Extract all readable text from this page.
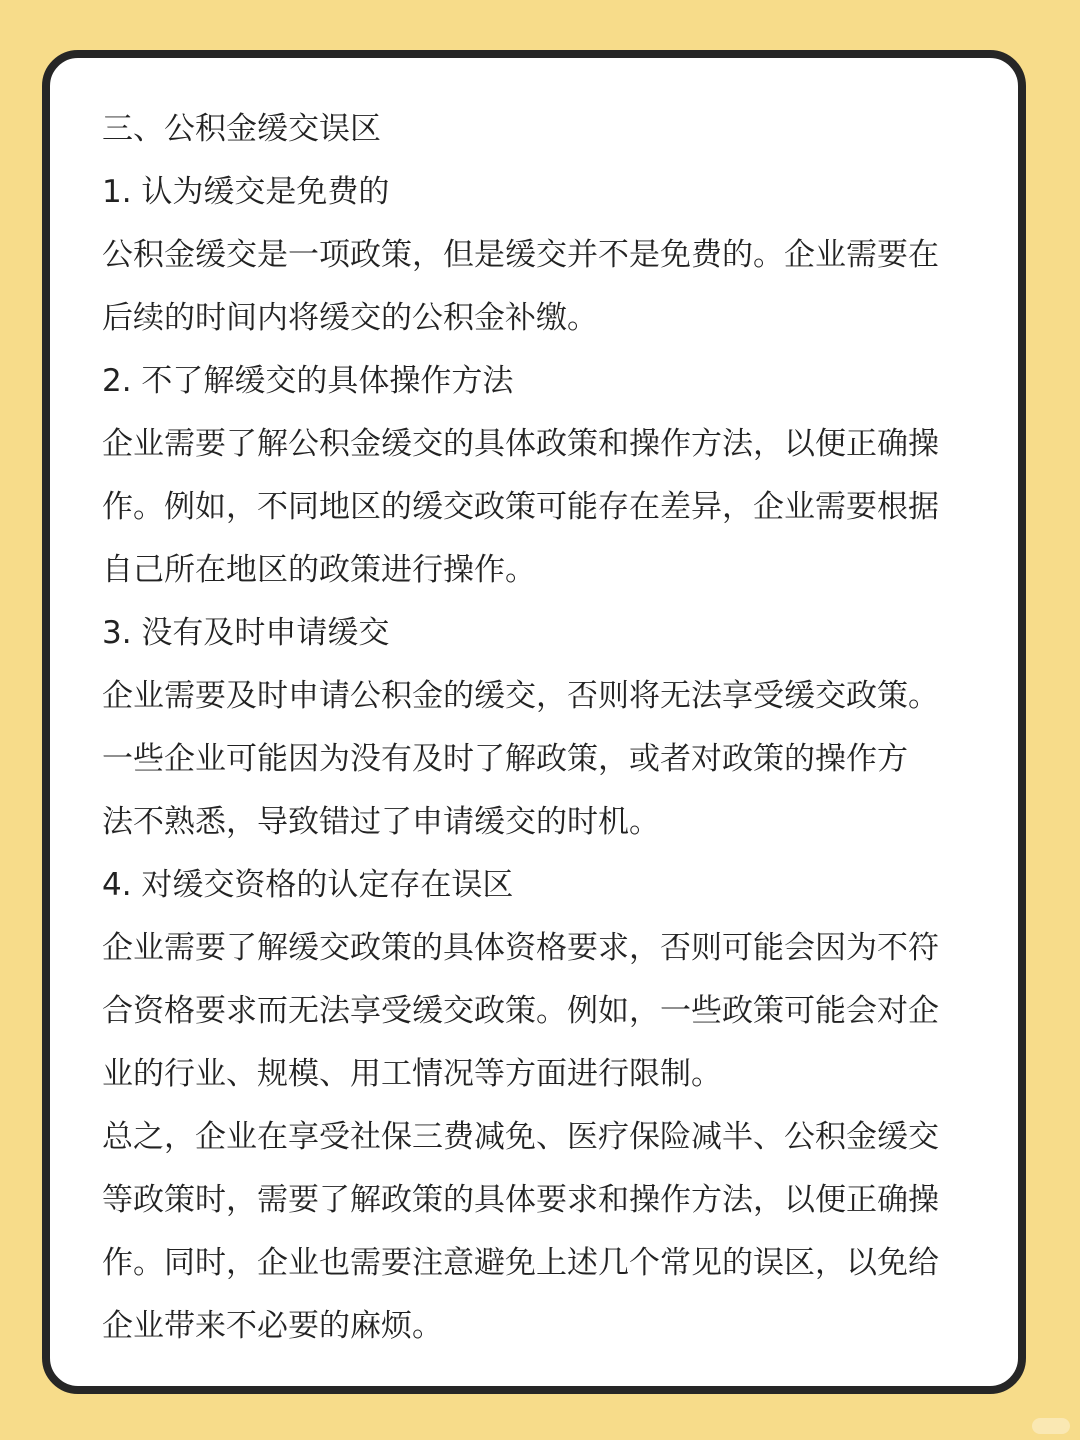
三、公积金缓交误区
1. 认为缓交是免费的
公积金缓交是一项政策，但是缓交并不是免费的。企业需要在
后续的时间内将缓交的公积金补缴。
2. 不了解缓交的具体操作方法
企业需要了解公积金缓交的具体政策和操作方法，以便正确操
作。例如，不同地区的缓交政策可能存在差异，企业需要根据
自己所在地区的政策进行操作。
3. 没有及时申请缓交
企业需要及时申请公积金的缓交，否则将无法享受缓交政策。
一些企业可能因为没有及时了解政策，或者对政策的操作方
法不熟悉，导致错过了申请缓交的时机。
4. 对缓交资格的认定存在误区
企业需要了解缓交政策的具体资格要求，否则可能会因为不符
合资格要求而无法享受缓交政策。例如，一些政策可能会对企
业的行业、规模、用工情况等方面进行限制。
总之，企业在享受社保三费减免、医疗保险减半、公积金缓交
等政策时，需要了解政策的具体要求和操作方法，以便正确操
作。同时，企业也需要注意避免上述几个常见的误区，以免给
企业带来不必要的麻烦。
